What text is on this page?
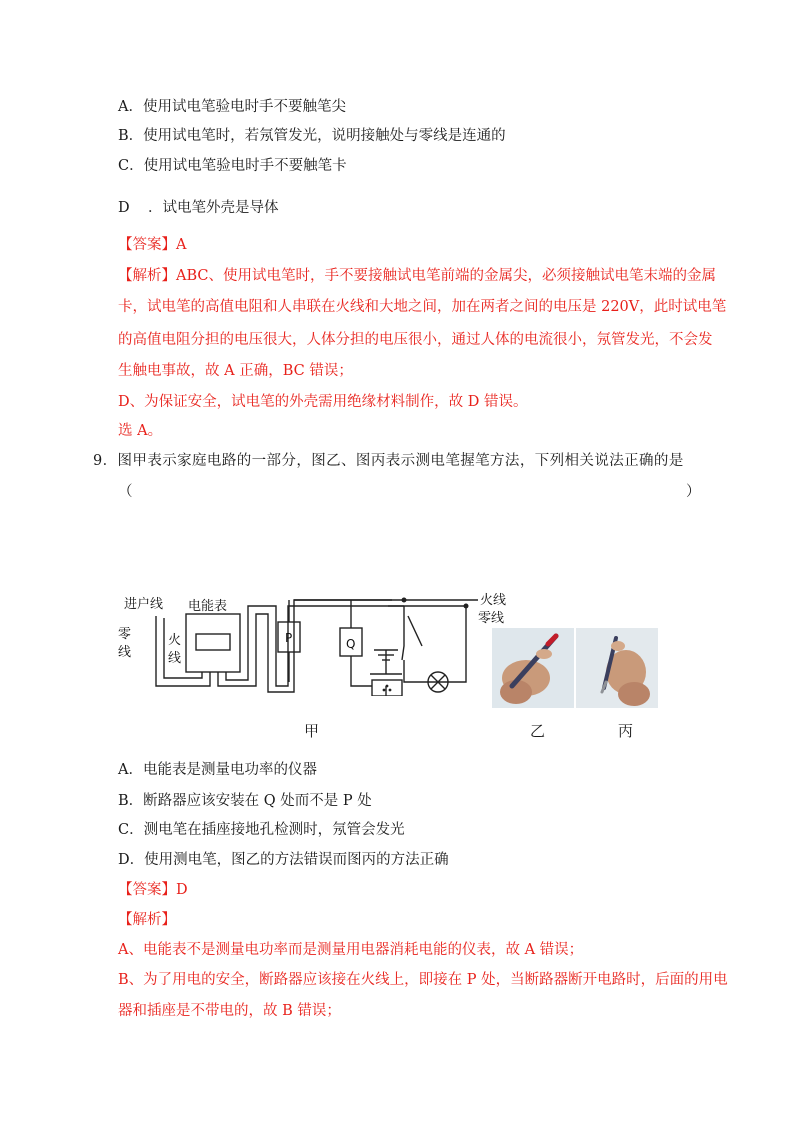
A．使用试电笔验电时手不要触笔尖
B．使用试电笔时，若氖管发光，说明接触处与零线是连通的
C．使用试电笔验电时手不要触笔卡
D ．试电笔外壳是导体
【答案】A
【解析】ABC、使用试电笔时，手不要接触试电笔前端的金属尖，必须接触试电笔末端的金属
卡，试电笔的高值电阻和人串联在火线和大地之间，加在两者之间的电压是 220V，此时试电笔
的高值电阻分担的电压很大，人体分担的电压很小，通过人体的电流很小，氖管发光，不会发
生触电事故，故 A 正确，BC 错误；
D、为保证安全，试电笔的外壳需用绝缘材料制作，故 D 错误。
选 A。
9．图甲表示家庭电路的一部分，图乙、图丙表示测电笔握笔方法，下列相关说法正确的是
（	）
进户线 电能表
零
线
火
线
P	Q
火线
零线
甲	乙	丙
A．电能表是测量电功率的仪器
B．断路器应该安装在 Q 处而不是 P 处
C．测电笔在插座接地孔检测时，氖管会发光
D．使用测电笔，图乙的方法错误而图丙的方法正确
【答案】D
【解析】
A、电能表不是测量电功率而是测量用电器消耗电能的仪表，故 A 错误；
B、为了用电的安全，断路器应该接在火线上，即接在 P 处，当断路器断开电路时，后面的用电
器和插座是不带电的，故 B 错误；
